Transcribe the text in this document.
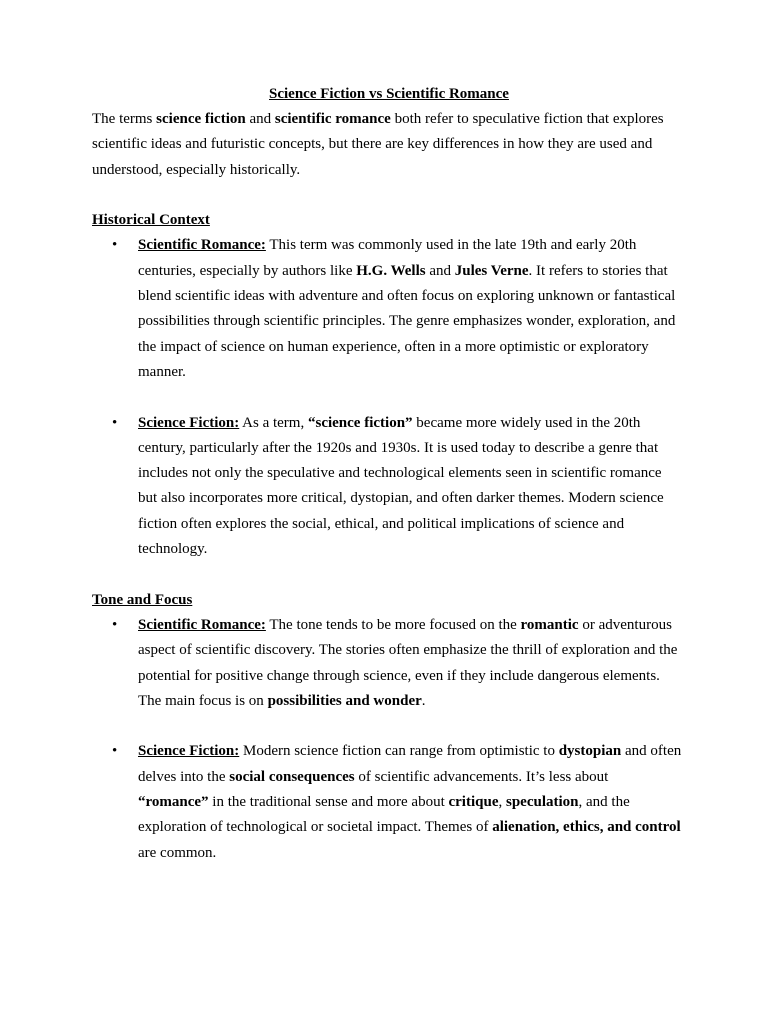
Science Fiction vs Scientific Romance

The terms science fiction and scientific romance both refer to speculative fiction that explores scientific ideas and futuristic concepts, but there are key differences in how they are used and understood, especially historically.

Historical Context
• Scientific Romance: This term was commonly used in the late 19th and early 20th centuries, especially by authors like H.G. Wells and Jules Verne. It refers to stories that blend scientific ideas with adventure and often focus on exploring unknown or fantastical possibilities through scientific principles. The genre emphasizes wonder, exploration, and the impact of science on human experience, often in a more optimistic or exploratory manner.
• Science Fiction: As a term, “science fiction” became more widely used in the 20th century, particularly after the 1920s and 1930s. It is used today to describe a genre that includes not only the speculative and technological elements seen in scientific romance but also incorporates more critical, dystopian, and often darker themes. Modern science fiction often explores the social, ethical, and political implications of science and technology.
Tone and Focus
• Scientific Romance: The tone tends to be more focused on the romantic or adventurous aspect of scientific discovery. The stories often emphasize the thrill of exploration and the potential for positive change through science, even if they include dangerous elements. The main focus is on possibilities and wonder.
• Science Fiction: Modern science fiction can range from optimistic to dystopian and often delves into the social consequences of scientific advancements. It’s less about “romance” in the traditional sense and more about critique, speculation, and the exploration of technological or societal impact. Themes of alienation, ethics, and control are common.
